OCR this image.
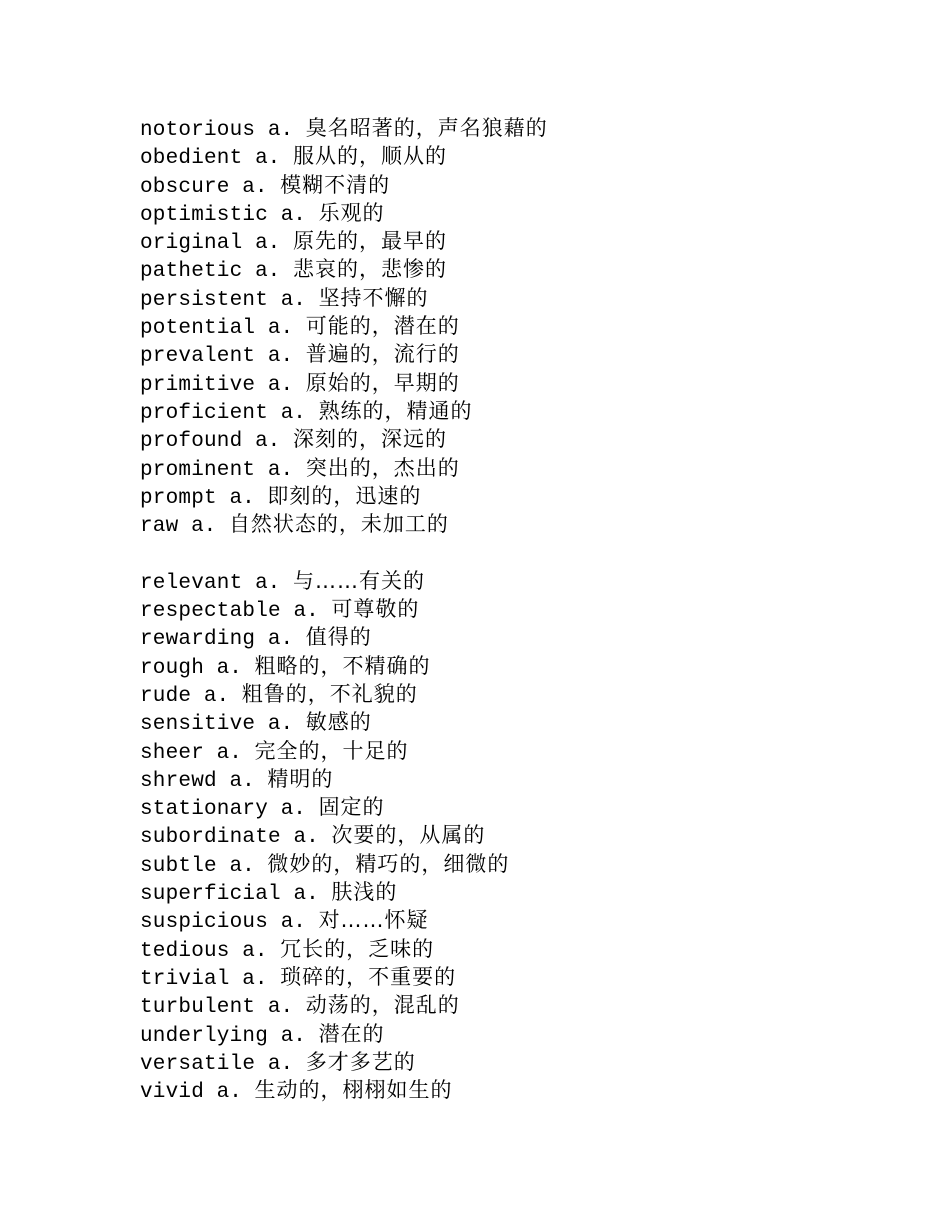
notorious a. 臭名昭著的，声名狼藉的
obedient a. 服从的，顺从的
obscure a. 模糊不清的
optimistic a. 乐观的
original a. 原先的，最早的
pathetic a. 悲哀的，悲惨的
persistent a. 坚持不懈的
potential a. 可能的，潜在的
prevalent a. 普遍的，流行的
primitive a. 原始的，早期的
proficient a. 熟练的，精通的
profound a. 深刻的，深远的
prominent a. 突出的，杰出的
prompt a. 即刻的，迅速的
raw a. 自然状态的，未加工的
relevant a. 与……有关的
respectable a. 可尊敬的
rewarding a. 值得的
rough a. 粗略的，不精确的
rude a. 粗鲁的，不礼貌的
sensitive a. 敏感的
sheer a. 完全的，十足的
shrewd a. 精明的
stationary a. 固定的
subordinate a. 次要的，从属的
subtle a. 微妙的，精巧的，细微的
superficial a. 肤浅的
suspicious a. 对……怀疑
tedious a. 冗长的，乏味的
trivial a. 琐碎的，不重要的
turbulent a. 动荡的，混乱的
underlying a. 潜在的
versatile a. 多才多艺的
vivid a. 生动的，栩栩如生的
